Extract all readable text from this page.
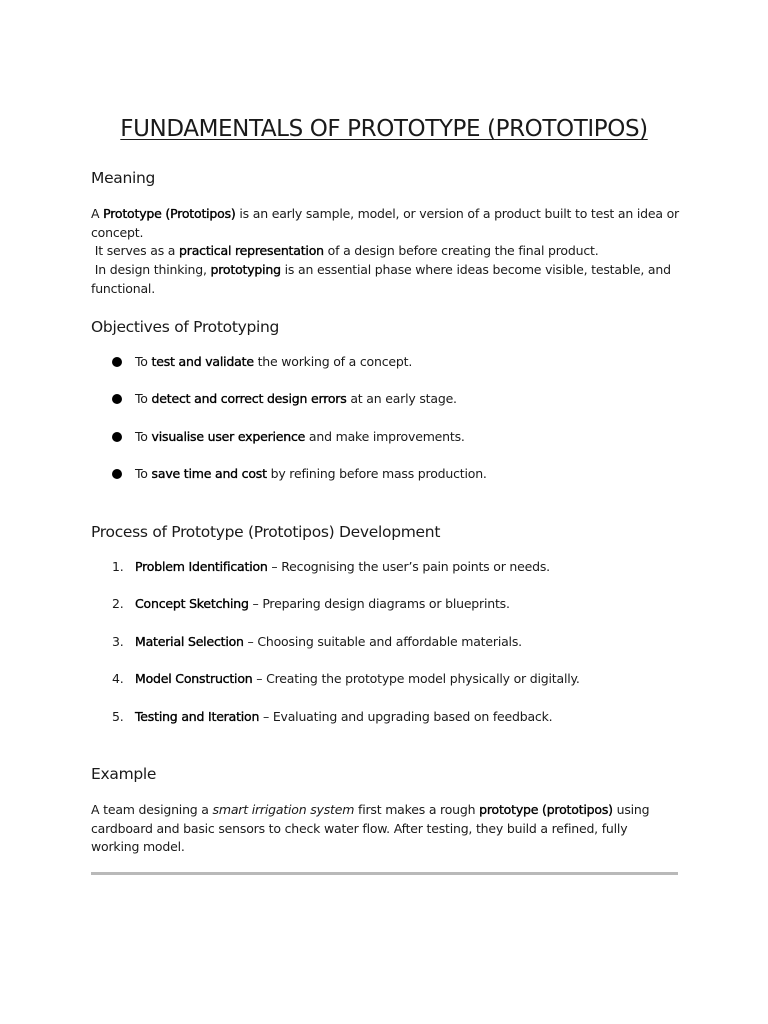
FUNDAMENTALS OF PROTOTYPE (PROTOTIPOS)
Meaning
A Prototype (Prototipos) is an early sample, model, or version of a product built to test an idea or
concept.
It serves as a practical representation of a design before creating the final product.
In design thinking, prototyping is an essential phase where ideas become visible, testable, and
functional.
Objectives of Prototyping
To test and validate the working of a concept.
To detect and correct design errors at an early stage.
To visualise user experience and make improvements.
To save time and cost by refining before mass production.
Process of Prototype (Prototipos) Development
1. Problem Identification – Recognising the user’s pain points or needs.
2. Concept Sketching – Preparing design diagrams or blueprints.
3. Material Selection – Choosing suitable and affordable materials.
4. Model Construction – Creating the prototype model physically or digitally.
5. Testing and Iteration – Evaluating and upgrading based on feedback.
Example
A team designing a smart irrigation system first makes a rough prototype (prototipos) using
cardboard and basic sensors to check water flow. After testing, they build a refined, fully
working model.
